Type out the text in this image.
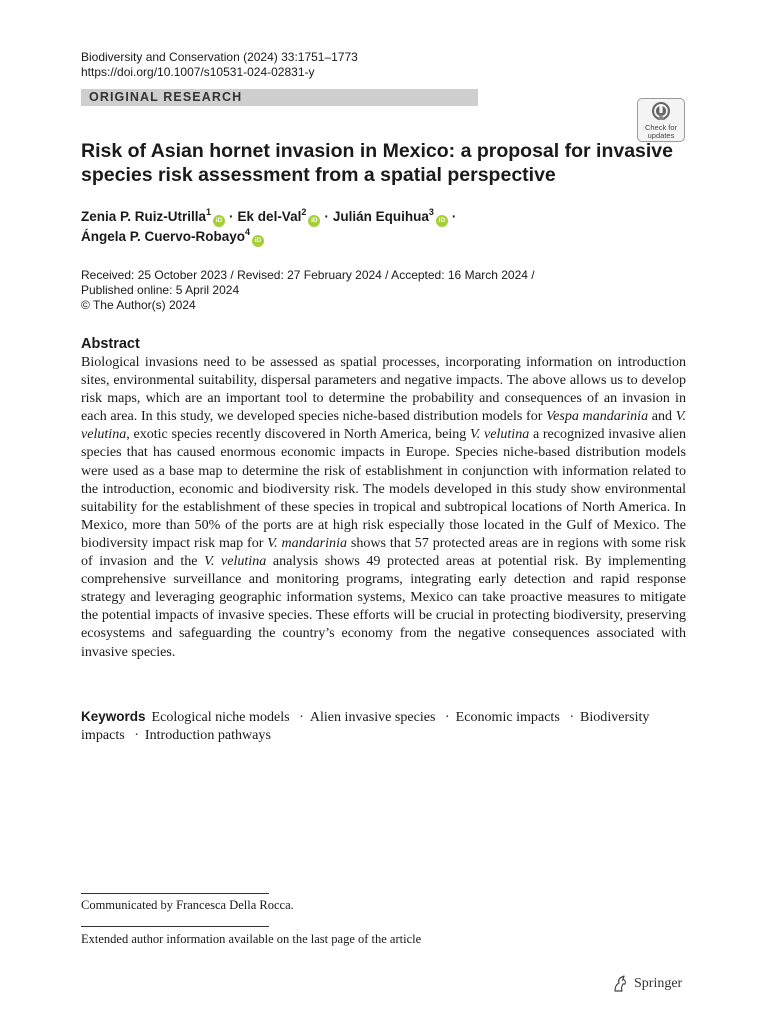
Biodiversity and Conservation (2024) 33:1751–1773
https://doi.org/10.1007/s10531-024-02831-y
ORIGINAL RESEARCH
Check for
updates
Risk of Asian hornet invasion in Mexico: a proposal for invasive species risk assessment from a spatial perspective
Zenia P. Ruiz-Utrilla$^1$iD · Ek del-Val$^2$iD · Julián Equihua$^3$iD ·
Ángela P. Cuervo-Robayo$^4$iD
Received: 25 October 2023 / Revised: 27 February 2024 / Accepted: 16 March 2024 /
Published online: 5 April 2024
© The Author(s) 2024
Abstract

Biological invasions need to be assessed as spatial processes, incorporating information on introduction sites, environmental suitability, dispersal parameters and negative impacts. The above allows us to develop risk maps, which are an important tool to determine the probability and consequences of an invasion in each area. In this study, we developed species niche-based distribution models for Vespa mandarinia and V. velutina, exotic species recently discovered in North America, being V. velutina a recognized invasive alien species that has caused enormous economic impacts in Europe. Species niche-based distribution models were used as a base map to determine the risk of establishment in conjunction with information related to the introduction, economic and biodiversity risk. The models developed in this study show environmental suitability for the establishment of these species in tropical and subtropical locations of North America. In Mexico, more than 50% of the ports are at high risk especially those located in the Gulf of Mexico. The biodiversity impact risk map for V. mandarinia shows that 57 protected areas are in regions with some risk of invasion and the V. velutina analysis shows 49 protected areas at potential risk. By implementing comprehensive surveillance and monitoring programs, integrating early detection and rapid response strategy and leveraging geographic information systems, Mexico can take proactive measures to mitigate the potential impacts of invasive species. These efforts will be crucial in protecting biodiversity, preserving ecosystems and safeguarding the country’s economy from the negative consequences associated with invasive species.

Keywords Ecological niche models · Alien invasive species · Economic impacts · Biodiversity impacts · Introduction pathways
Communicated by Francesca Della Rocca.
Extended author information available on the last page of the article
Springer
